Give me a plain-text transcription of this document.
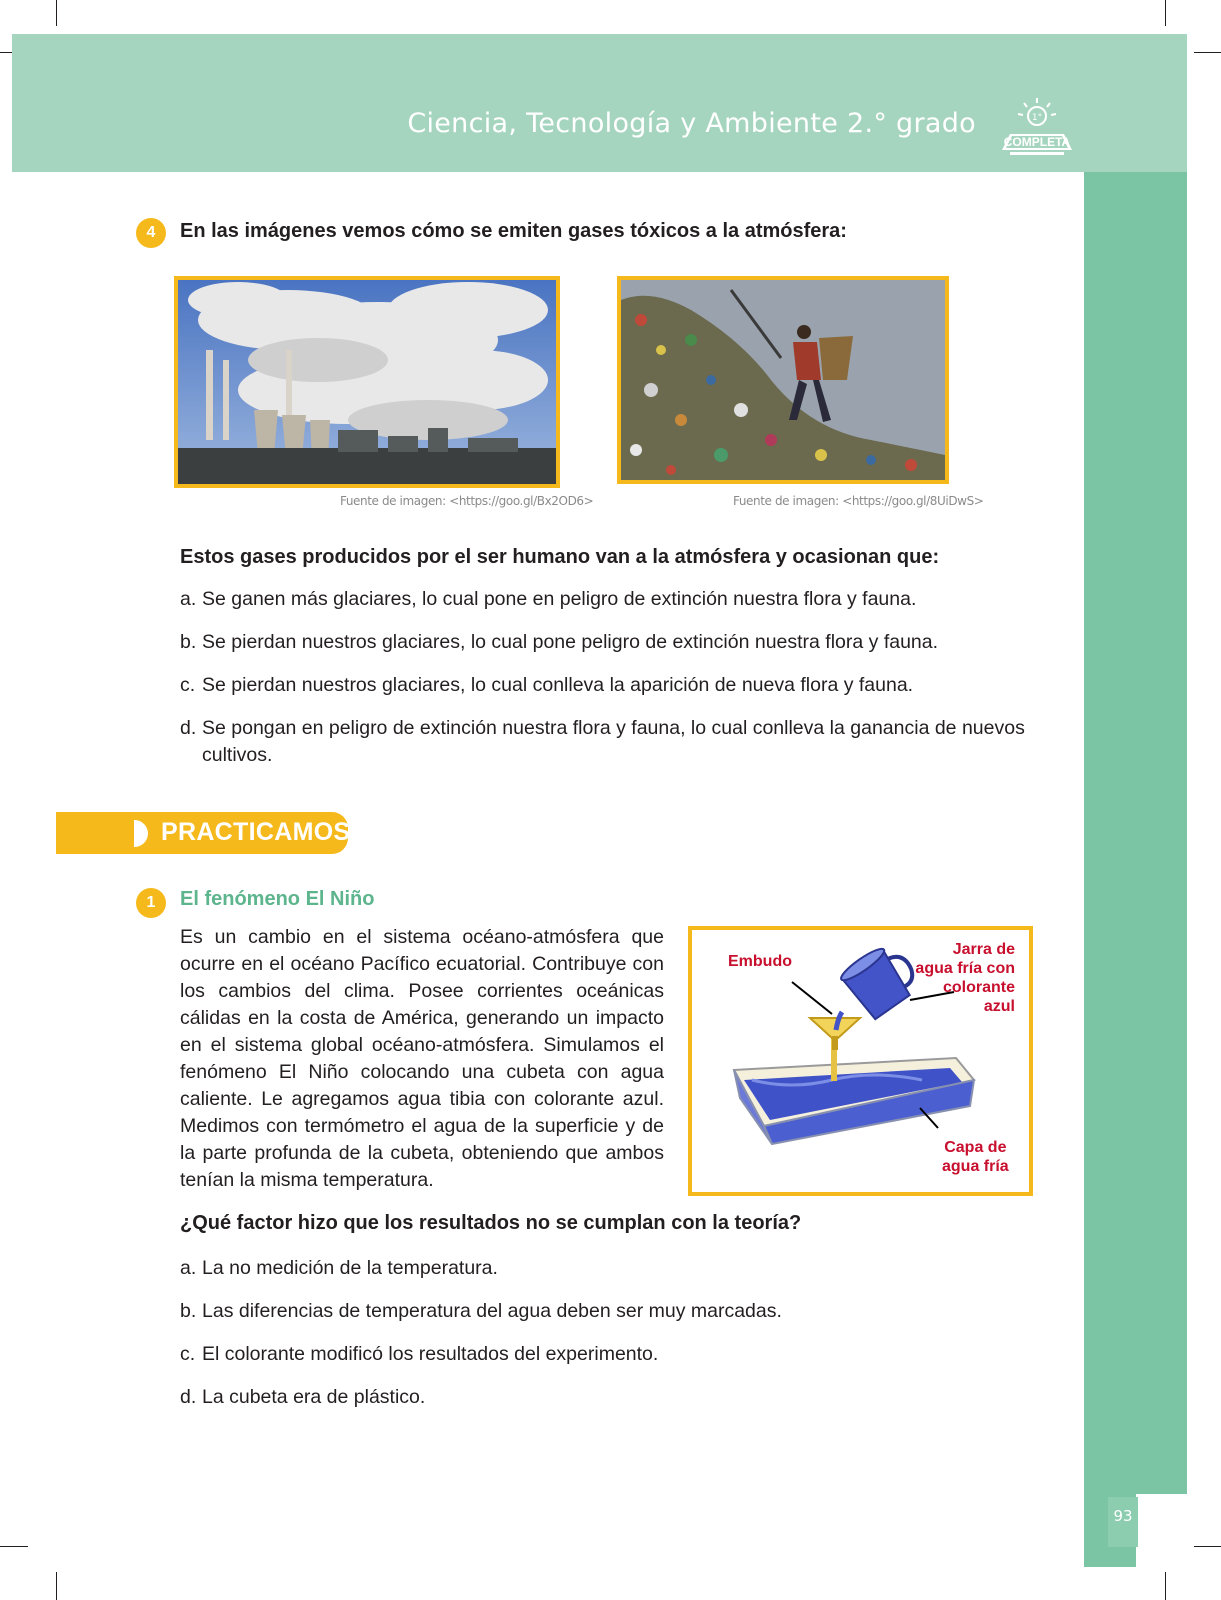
Ciencia, Tecnología y Ambiente 2.° grado	1°
COMPLETA
93
4	En las imágenes vemos cómo se emiten gases tóxicos a la atmósfera:
Fuente de imagen: <https://goo.gl/Bx2OD6>	Fuente de imagen: <https://goo.gl/8UiDwS>
Estos gases producidos por el ser humano van a la atmósfera y ocasionan que:
a. Se ganen más glaciares, lo cual pone en peligro de extinción nuestra flora y fauna.
b. Se pierdan nuestros glaciares, lo cual pone peligro de extinción nuestra flora y fauna.
c. Se pierdan nuestros glaciares, lo cual conlleva la aparición de nueva flora y fauna.
d. Se pongan en peligro de extinción nuestra flora y fauna, lo cual conlleva la ganancia de nuevos
cultivos.
PRACTICAMOS
1	El fenómeno El Niño
Es un cambio en el sistema océano-atmósfera que ocurre en el océano Pacífico ecuatorial. Contribuye con los cambios del clima. Posee corrientes oceánicas cálidas en la costa de América, generando un impacto en el sistema global océano-atmósfera. Simulamos el fenómeno El Niño colocando una cubeta con agua caliente. Le agregamos agua tibia con colorante azul. Medimos con termómetro el agua de la superficie y de la parte profunda de la cubeta, obteniendo que ambos tenían la misma temperatura.
Embudo
Jarra de
agua fría con
colorante
azul
Capa de
agua fría
¿Qué factor hizo que los resultados no se cumplan con la teoría?
a. La no medición de la temperatura.
b. Las diferencias de temperatura del agua deben ser muy marcadas.
c. El colorante modificó los resultados del experimento.
d. La cubeta era de plástico.
